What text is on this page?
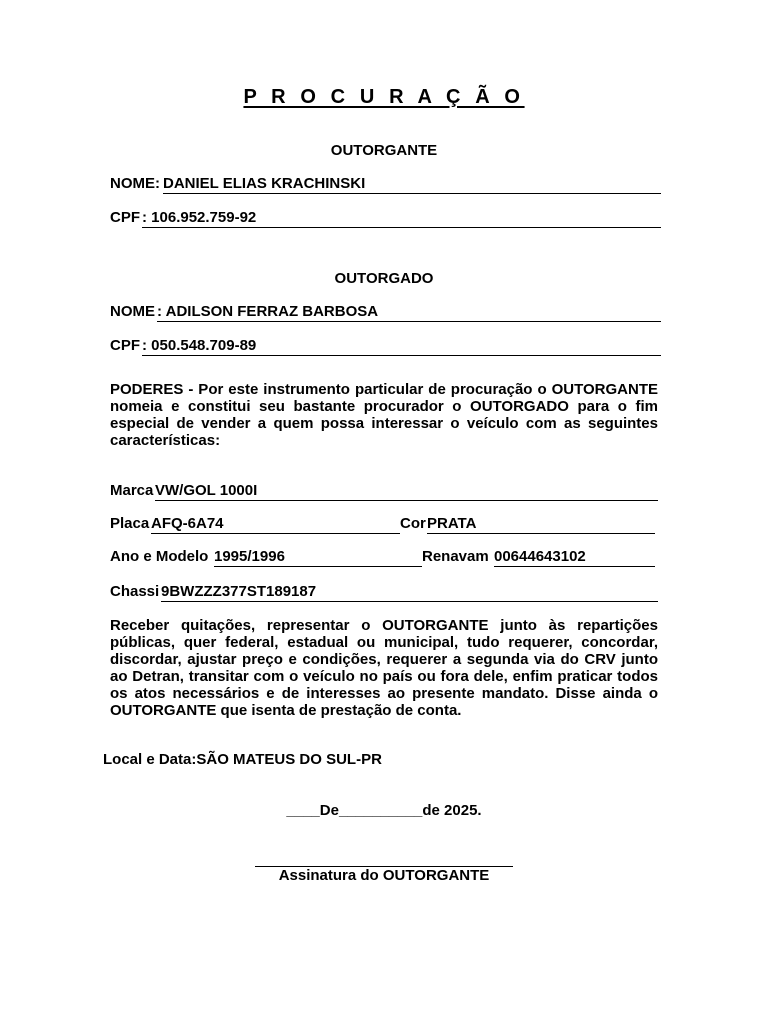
P R O C U R A Ç Ã O
OUTORGANTE
NOME: DANIEL ELIAS KRACHINSKI
CPF : 106.952.759-92
OUTORGADO
NOME : ADILSON FERRAZ BARBOSA
CPF : 050.548.709-89
PODERES - Por este instrumento particular de procuração o OUTORGANTE nomeia e constitui seu bastante procurador o OUTORGADO para o fim especial de vender a quem possa interessar o veículo com as seguintes características:
Marca VW/GOL 1000I
Placa AFQ-6A74	Cor PRATA
Ano e Modelo 1995/1996	Renavam 00644643102
Chassi 9BWZZZ377ST189187
Receber quitações, representar o OUTORGANTE junto às repartições públicas, quer federal, estadual ou municipal, tudo requerer, concordar, discordar, ajustar preço e condições, requerer a segunda via do CRV junto ao Detran, transitar com o veículo no país ou fora dele, enfim praticar todos os atos necessários e de interesses ao presente mandato. Disse ainda o OUTORGANTE que isenta de prestação de conta.
Local e Data:SÃO MATEUS DO SUL-PR
____De__________de 2025.
Assinatura do OUTORGANTE
